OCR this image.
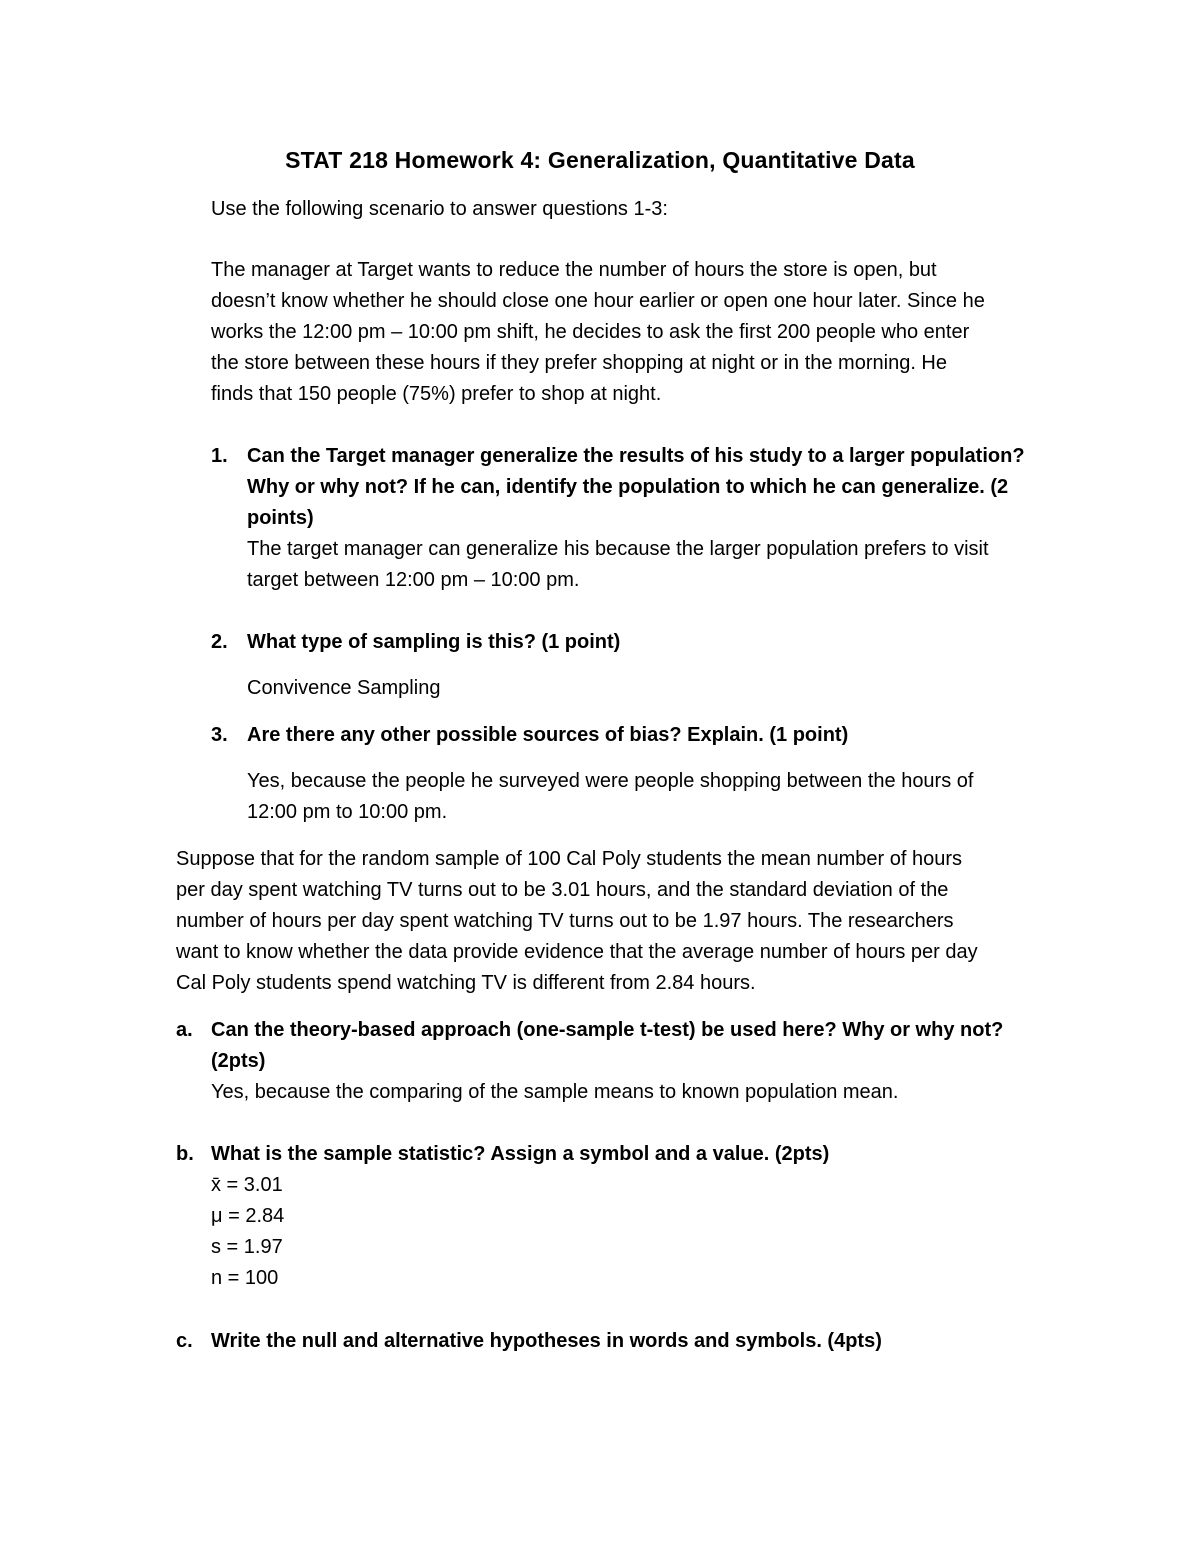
STAT 218 Homework 4: Generalization, Quantitative Data

Use the following scenario to answer questions 1-3:

The manager at Target wants to reduce the number of hours the store is open, but
doesn’t know whether he should close one hour earlier or open one hour later. Since he
works the 12:00 pm – 10:00 pm shift, he decides to ask the first 200 people who enter
the store between these hours if they prefer shopping at night or in the morning. He
finds that 150 people (75%) prefer to shop at night.

1. Can the Target manager generalize the results of his study to a larger population?
Why or why not? If he can, identify the population to which he can generalize. (2
points)

The target manager can generalize his because the larger population prefers to visit
target between 12:00 pm – 10:00 pm.

2. What type of sampling is this? (1 point)

Convivence Sampling

3. Are there any other possible sources of bias? Explain. (1 point)

Yes, because the people he surveyed were people shopping between the hours of
12:00 pm to 10:00 pm.

Suppose that for the random sample of 100 Cal Poly students the mean number of hours
per day spent watching TV turns out to be 3.01 hours, and the standard deviation of the
number of hours per day spent watching TV turns out to be 1.97 hours. The researchers
want to know whether the data provide evidence that the average number of hours per day
Cal Poly students spend watching TV is different from 2.84 hours.

a. Can the theory-based approach (one-sample t-test) be used here? Why or why not?
(2pts)

Yes, because the comparing of the sample means to known population mean.

b. What is the sample statistic? Assign a symbol and a value. (2pts)

x̄ = 3.01
μ = 2.84
s = 1.97
n = 100

c. Write the null and alternative hypotheses in words and symbols. (4pts)
